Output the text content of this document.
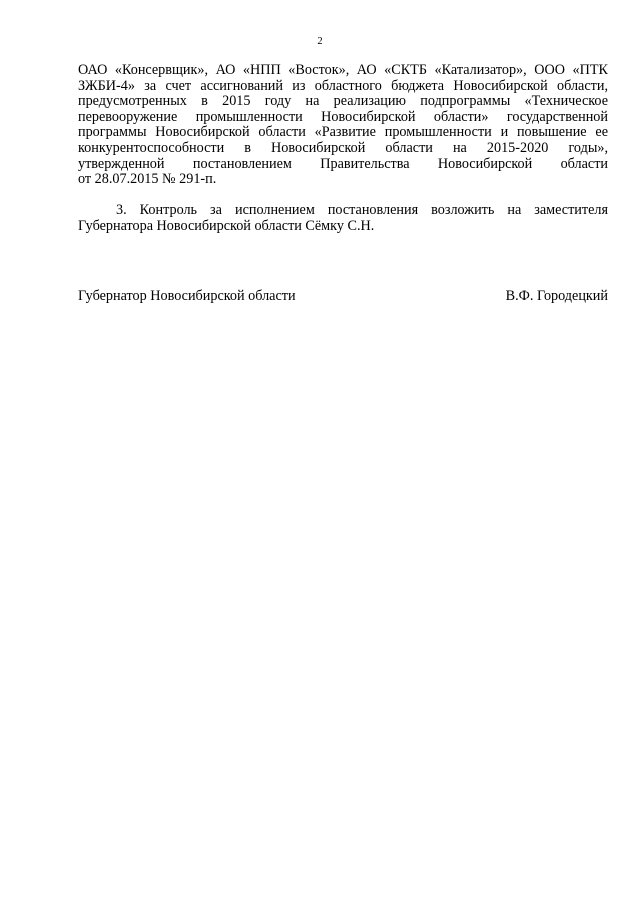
2
ОАО «Консервщик», АО «НПП «Восток», АО «СКТБ «Катализатор», ООО «ПТК
ЗЖБИ-4» за счет ассигнований из областного бюджета Новосибирской области,
предусмотренных в 2015 году на реализацию подпрограммы «Техническое
перевооружение промышленности Новосибирской области» государственной
программы Новосибирской области «Развитие промышленности и повышение ее
конкурентоспособности в Новосибирской области на 2015-2020 годы»,
утвержденной постановлением Правительства Новосибирской области
от 28.07.2015 № 291-п.
3. Контроль за исполнением постановления возложить на заместителя
Губернатора Новосибирской области Сёмку С.Н.
Губернатор Новосибирской области	В.Ф. Городецкий
